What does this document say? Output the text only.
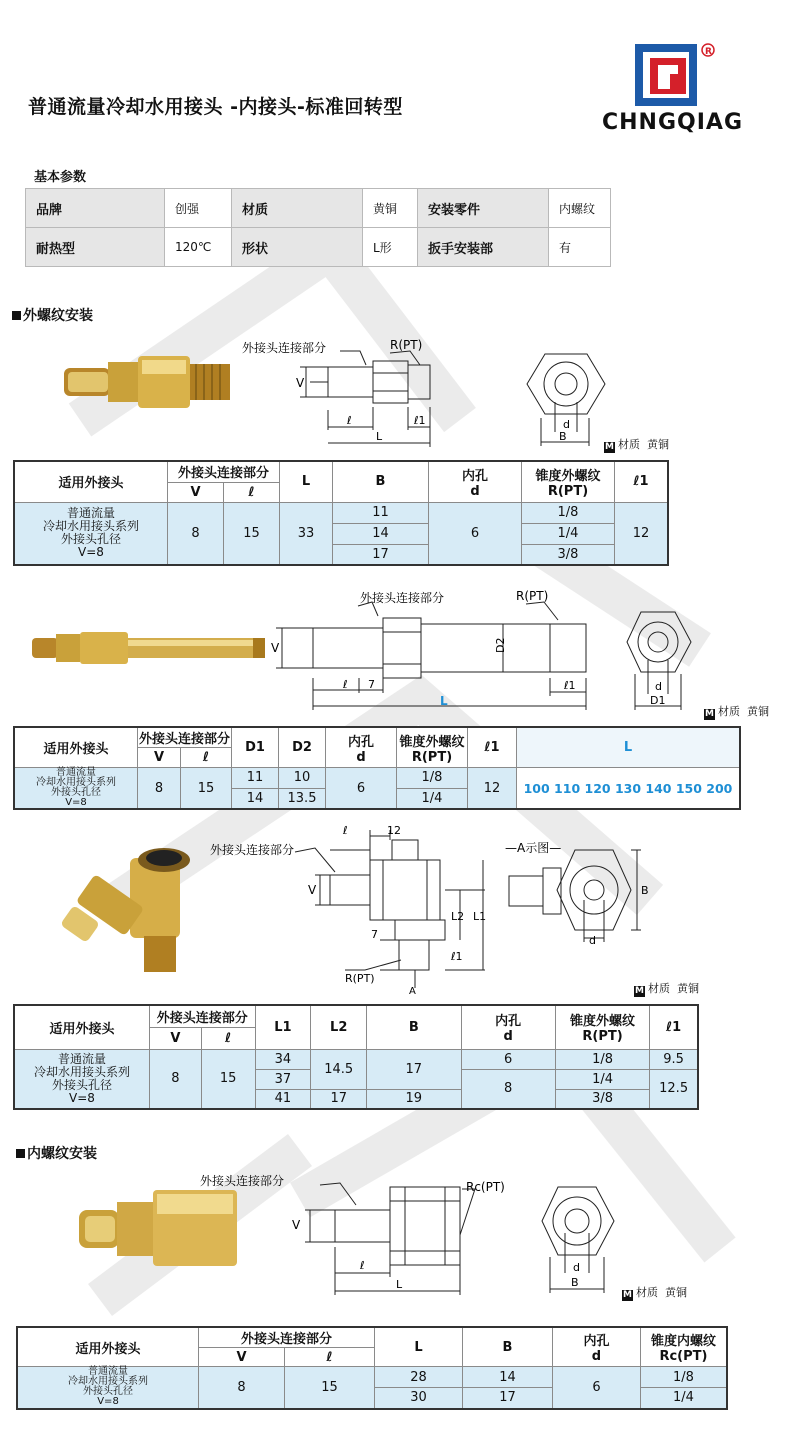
普通流量冷却水用接头 -内接头-标准回转型
R
CHNGQIAG
基本参数
品牌	创强	材质	黄铜	安装零件	内螺纹
耐热型	120℃	形状	L形	扳手安装部	有
外螺纹安装
外接头连接部分	R(PT)
V
ℓ	ℓ1
L
d
B
M 材质 黄铜
适用外接头	外接头连接部分		L	B	内孔
d	锥度外螺纹
R(PT)	ℓ1
	V	ℓ					
普通流量
冷却水用接头系列
外接头孔径
V=8	8	15	33	11	6	1/8	12
				14		1/4	
				17		3/8	
外接头连接部分	R(PT)
V	D2
ℓ 7	ℓ1
L
d
D1
M 材质 黄铜
适用外接头	外接头连接部分		D1	D2	内孔
d	锥度外螺纹
R(PT)	ℓ1	L
	V	ℓ						
普通流量
冷却水用接头系列
外接头孔径
V=8	8	15	11	10	6	1/8	12	100 110 120 130 140 150 200
			14	13.5		1/4		
外接头连接部分
ℓ	12
V
L2 L1
7
ℓ1
R(PT)
A
—A示图—
d
B
M 材质 黄铜
适用外接头	外接头连接部分		L1	L2	B	内孔
d	锥度外螺纹
R(PT)	ℓ1
	V	ℓ						
普通流量
冷却水用接头系列
外接头孔径
V=8	8	15	34	14.5	17	6	1/8	9.5
			37			8	1/4	12.5
			41	17	19		3/8	
内螺纹安装
外接头连接部分	Rc(PT)
V
ℓ
L
d
B
M 材质 黄铜
适用外接头	外接头连接部分		L	B	内孔
d	锥度内螺纹
Rc(PT)
	V	ℓ				
普通流量
冷却水用接头系列
外接头孔径
V=8	8	15	28	14	6	1/8
			30	17		1/4
